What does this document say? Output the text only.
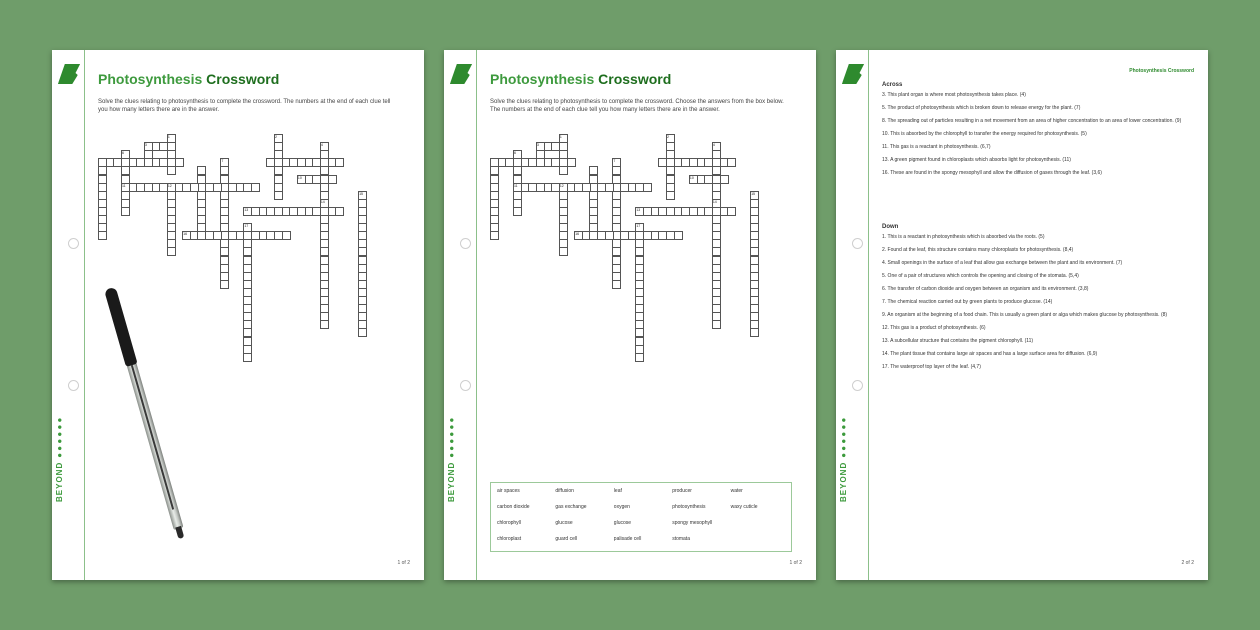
BEYOND● ● ● ● ● ●
Photosynthesis Crossword
Solve the clues relating to photosynthesis to complete the crossword. The numbers at the end of each clue tell you how many letters there are in the answer.
1
3
2
6
4
7
10
11	12
13
14
15
16
17
1 of 2
BEYOND● ● ● ● ● ●
Photosynthesis Crossword
Solve the clues relating to photosynthesis to complete the crossword. Choose the answers from the box below. The numbers at the end of each clue tell you how many letters there are in the answer.
1
3
2
6
4
7
10
11	12
13
14
15
16
17
air spaces	diffusion	leaf	producer	water
carbon dioxide	gas exchange	oxygen	photosynthesis	waxy cuticle
chlorophyll	glucose	glucose	spongy mesophyll
chloroplast	guard cell	palisade cell	stomata
1 of 2
BEYOND● ● ● ● ● ●
Photosynthesis Crossword
Across
3. This plant organ is where most photosynthesis takes place. (4)
5. The product of photosynthesis which is broken down to release energy for the plant. (7)
8. The spreading out of particles resulting in a net movement from an area of higher concentration to an area of lower concentration. (9)
10. This is absorbed by the chlorophyll to transfer the energy required for photosynthesis. (5)
11. This gas is a reactant in photosynthesis. (6,7)
13. A green pigment found in chloroplasts which absorbs light for photosynthesis. (11)
16. These are found in the spongy mesophyll and allow the diffusion of gases through the leaf. (3,6)
Down
1. This is a reactant in photosynthesis which is absorbed via the roots. (5)
2. Found at the leaf, this structure contains many chloroplasts for photosynthesis. (8,4)
4. Small openings in the surface of a leaf that allow gas exchange between the plant and its environment. (7)
5. One of a pair of structures which controls the opening and closing of the stomata. (5,4)
6. The transfer of carbon dioxide and oxygen between an organism and its environment. (3,8)
7. The chemical reaction carried out by green plants to produce glucose. (14)
9. An organism at the beginning of a food chain. This is usually a green plant or alga which makes glucose by photosynthesis. (8)
12. This gas is a product of photosynthesis. (6)
13. A subcellular structure that contains the pigment chlorophyll. (11)
14. The plant tissue that contains large air spaces and has a large surface area for diffusion. (6,9)
17. The waterproof top layer of the leaf. (4,7)
2 of 2
